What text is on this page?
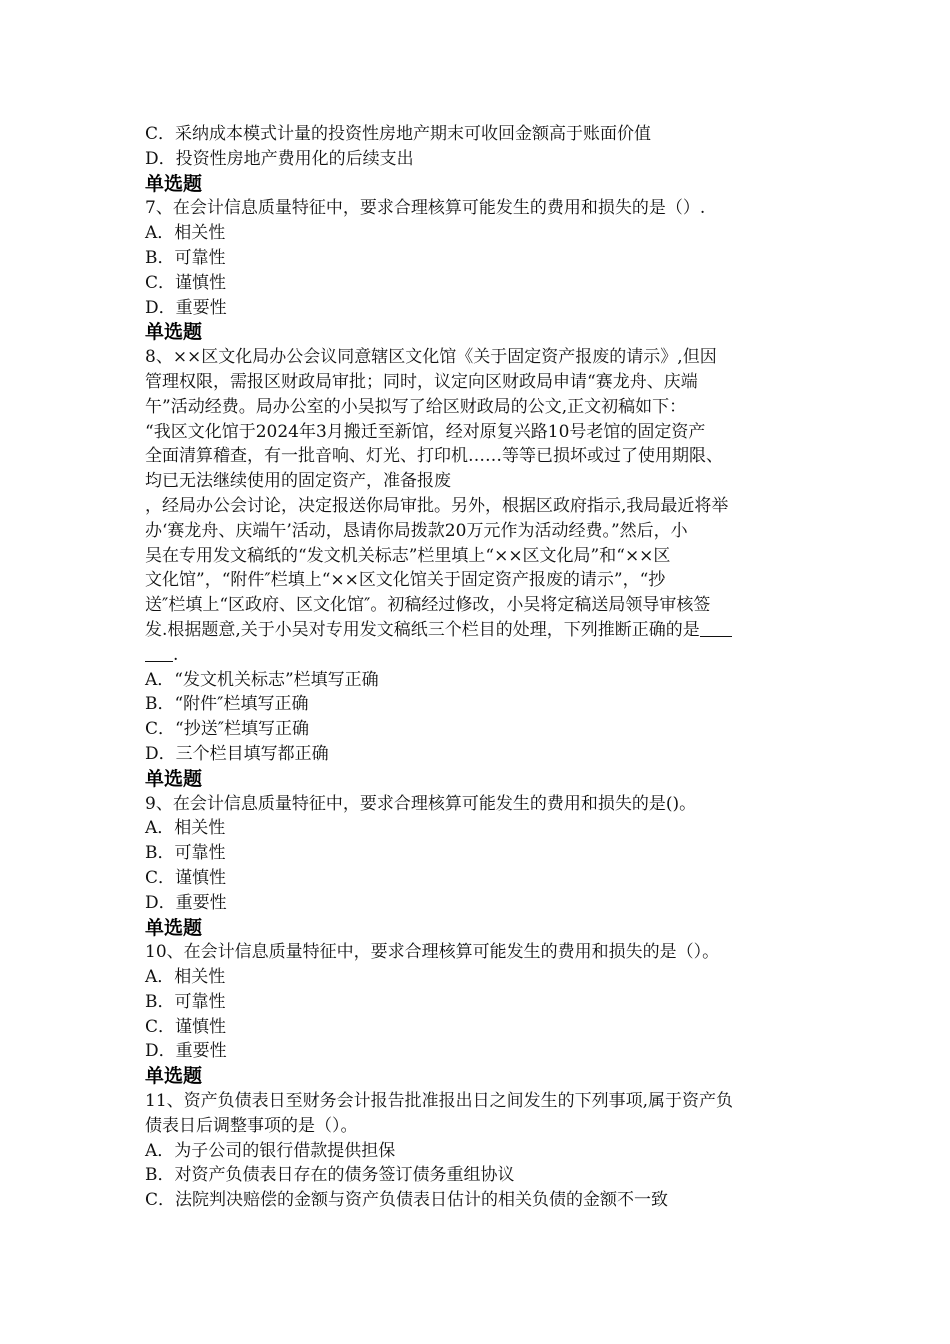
C．采纳成本模式计量的投资性房地产期末可收回金额高于账面价值
D．投资性房地产费用化的后续支出
单选题
7、在会计信息质量特征中，要求合理核算可能发生的费用和损失的是（）.
A．相关性
B．可靠性
C．谨慎性
D．重要性
单选题
8、××区文化局办公会议同意辖区文化馆《关于固定资产报废的请示》,但因
管理权限，需报区财政局审批；同时，议定向区财政局申请“赛龙舟、庆端
午”活动经费。局办公室的小吴拟写了给区财政局的公文,正文初稿如下：
“我区文化馆于2024年3月搬迁至新馆，经对原复兴路10号老馆的固定资产
全面清算稽查，有一批音响、灯光、打印机……等等已损坏或过了使用期限、
均已无法继续使用的固定资产，准备报废
，经局办公会讨论，决定报送你局审批。另外，根据区政府指示,我局最近将举
办‘赛龙舟、庆端午’活动，恳请你局拨款20万元作为活动经费。”然后，小
吴在专用发文稿纸的“发文机关标志”栏里填上“××区文化局”和“××区
文化馆”，“附件″栏填上“××区文化馆关于固定资产报废的请示”，“抄
送″栏填上“区政府、区文化馆″。初稿经过修改，小吴将定稿送局领导审核签
发.根据题意,关于小吴对专用发文稿纸三个栏目的处理，下列推断正确的是
.
A．“发文机关标志”栏填写正确
B．“附件″栏填写正确
C．“抄送″栏填写正确
D．三个栏目填写都正确
单选题
9、在会计信息质量特征中，要求合理核算可能发生的费用和损失的是()。
A．相关性
B．可靠性
C．谨慎性
D．重要性
单选题
10、在会计信息质量特征中，要求合理核算可能发生的费用和损失的是（）。
A．相关性
B．可靠性
C．谨慎性
D．重要性
单选题
11、资产负债表日至财务会计报告批准报出日之间发生的下列事项,属于资产负
债表日后调整事项的是（）。
A．为子公司的银行借款提供担保
B．对资产负债表日存在的债务签订债务重组协议
C．法院判决赔偿的金额与资产负债表日估计的相关负债的金额不一致
